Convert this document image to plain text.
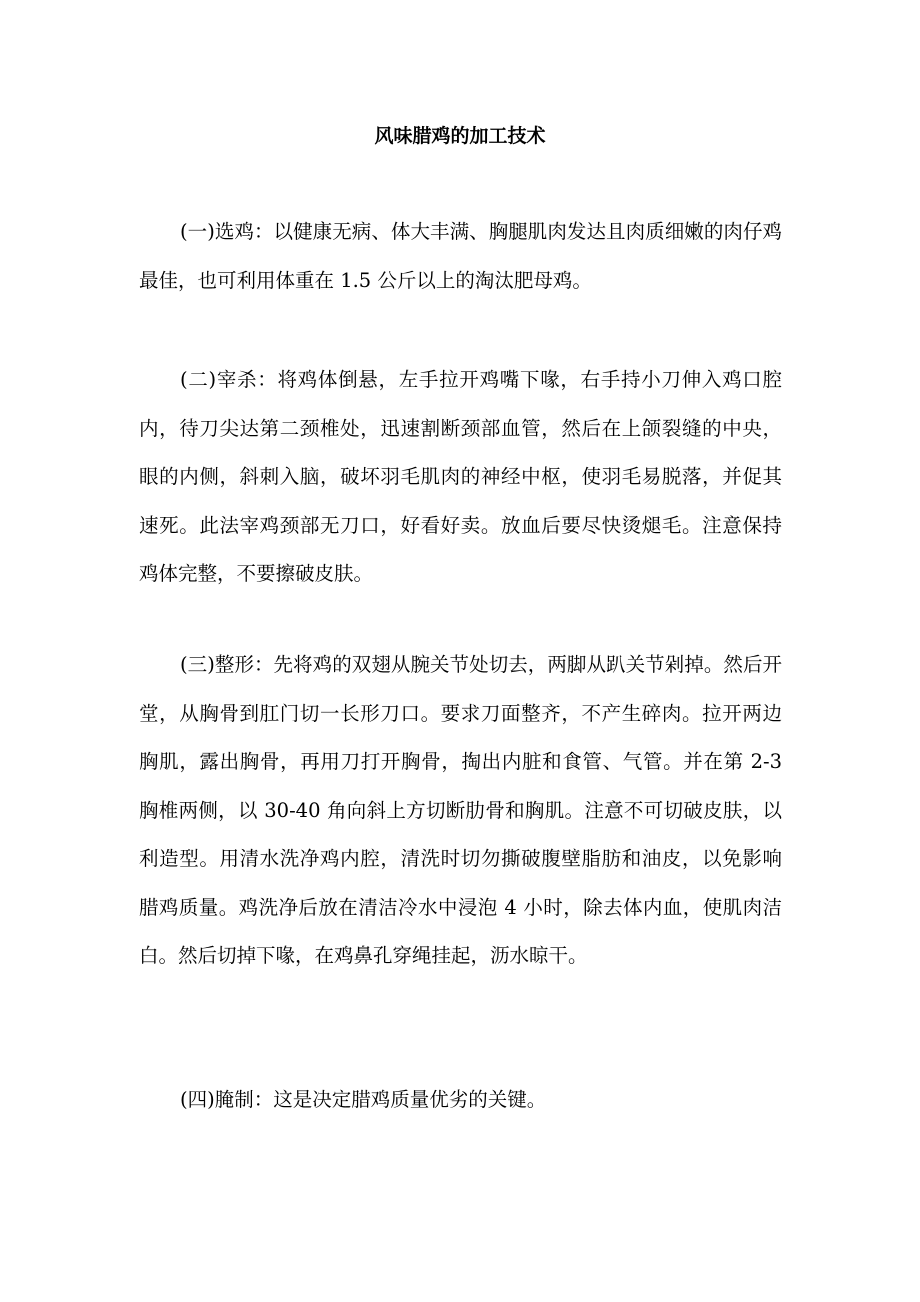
风味腊鸡的加工技术

(一)选鸡：以健康无病、体大丰满、胸腿肌肉发达且肉质细嫩的肉仔鸡最佳，也可利用体重在 1.5 公斤以上的淘汰肥母鸡。

(二)宰杀：将鸡体倒悬，左手拉开鸡嘴下喙，右手持小刀伸入鸡口腔内，待刀尖达第二颈椎处，迅速割断颈部血管，然后在上颌裂缝的中央，眼的内侧，斜刺入脑，破坏羽毛肌肉的神经中枢，使羽毛易脱落，并促其速死。此法宰鸡颈部无刀口，好看好卖。放血后要尽快烫煺毛。注意保持鸡体完整，不要擦破皮肤。

(三)整形：先将鸡的双翅从腕关节处切去，两脚从趴关节剁掉。然后开堂，从胸骨到肛门切一长形刀口。要求刀面整齐，不产生碎肉。拉开两边胸肌，露出胸骨，再用刀打开胸骨，掏出内脏和食管、气管。并在第 2-3 胸椎两侧，以 30-40 角向斜上方切断肋骨和胸肌。注意不可切破皮肤，以利造型。用清水洗净鸡内腔，清洗时切勿撕破腹壁脂肪和油皮，以免影响腊鸡质量。鸡洗净后放在清洁冷水中浸泡 4 小时，除去体内血，使肌肉洁白。然后切掉下喙，在鸡鼻孔穿绳挂起，沥水晾干。

(四)腌制：这是决定腊鸡质量优劣的关键。
